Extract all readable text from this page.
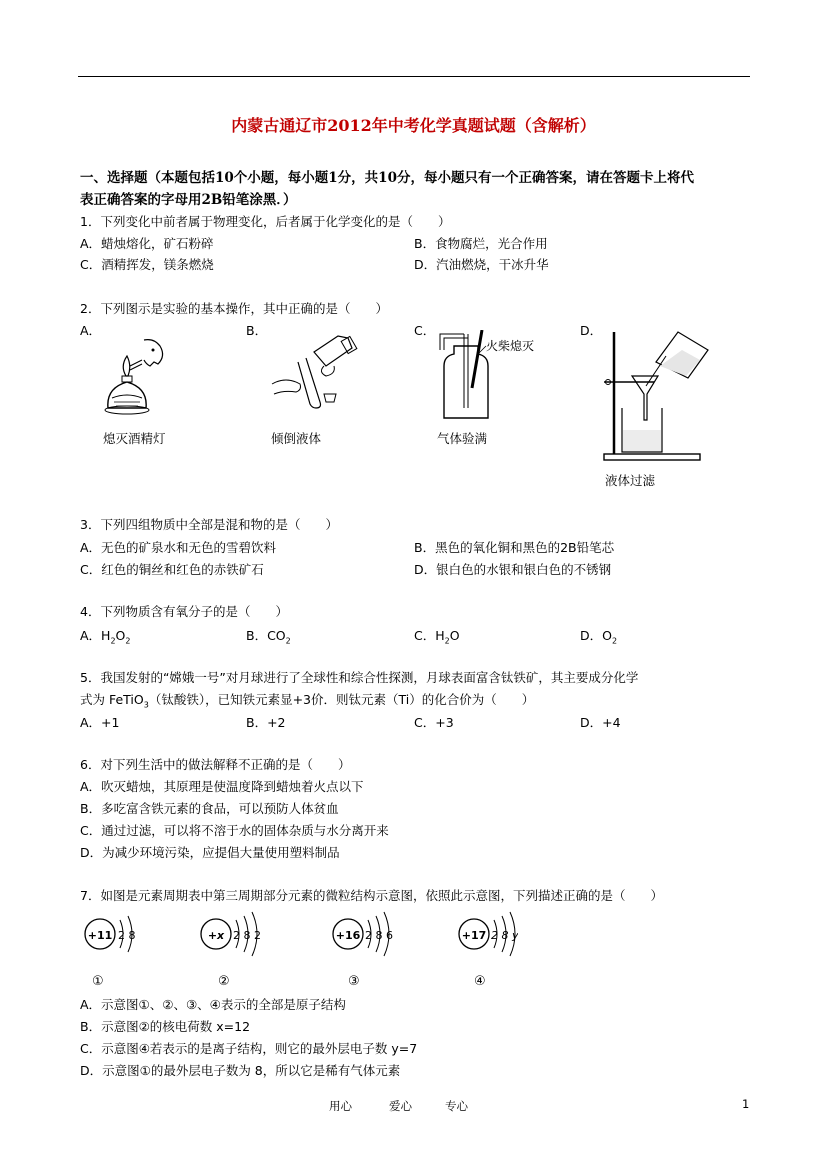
内蒙古通辽市2012年中考化学真题试题（含解析）
一、选择题（本题包括10个小题，每小题1分，共10分，每小题只有一个正确答案，请在答题卡上将代
表正确答案的字母用2B铅笔涂黑．）
1．下列变化中前者属于物理变化，后者属于化学变化的是（　　）
A．蜡烛熔化，矿石粉碎	B．食物腐烂，光合作用
C．酒精挥发，镁条燃烧	D．汽油燃烧，干冰升华
2．下列图示是实验的基本操作，其中正确的是（　　）
A．	B．	C．	D．
熄灭酒精灯	倾倒液体
火柴熄灭
气体验满
液体过滤
3．下列四组物质中全部是混和物的是（　　）
A．无色的矿泉水和无色的雪碧饮料	B．黑色的氧化铜和黑色的2B铅笔芯
C．红色的铜丝和红色的赤铁矿石	D．银白色的水银和银白色的不锈钢
4．下列物质含有氧分子的是（　　）
A．$H_2O_2$	B．$CO_2$	C．$H_2O$	D．$O_2$
5．我国发射的“嫦娥一号”对月球进行了全球性和综合性探测，月球表面富含钛铁矿，其主要成分化学
式为 FeTiO$_3$（钛酸铁），已知铁元素显+3价．则钛元素（Ti）的化合价为（　　）
A．+1	B．+2	C．+3	D．+4
6．对下列生活中的做法解释不正确的是（　　）
A．吹灭蜡烛，其原理是使温度降到蜡烛着火点以下
B．多吃富含铁元素的食品，可以预防人体贫血
C．通过过滤，可以将不溶于水的固体杂质与水分离开来
D．为减少环境污染，应提倡大量使用塑料制品
7．如图是元素周期表中第三周期部分元素的微粒结构示意图，依照此示意图，下列描述正确的是（　　）
+11 2 8
①
+x 2 8 2
②
+16 2 8 6
③
+17 2 8 y
④
A．示意图①、②、③、④表示的全部是原子结构
B．示意图②的核电荷数 x=12
C．示意图④若表示的是离子结构，则它的最外层电子数 y=7
D．示意图①的最外层电子数为 8，所以它是稀有气体元素
用心	爱心	专心	1
